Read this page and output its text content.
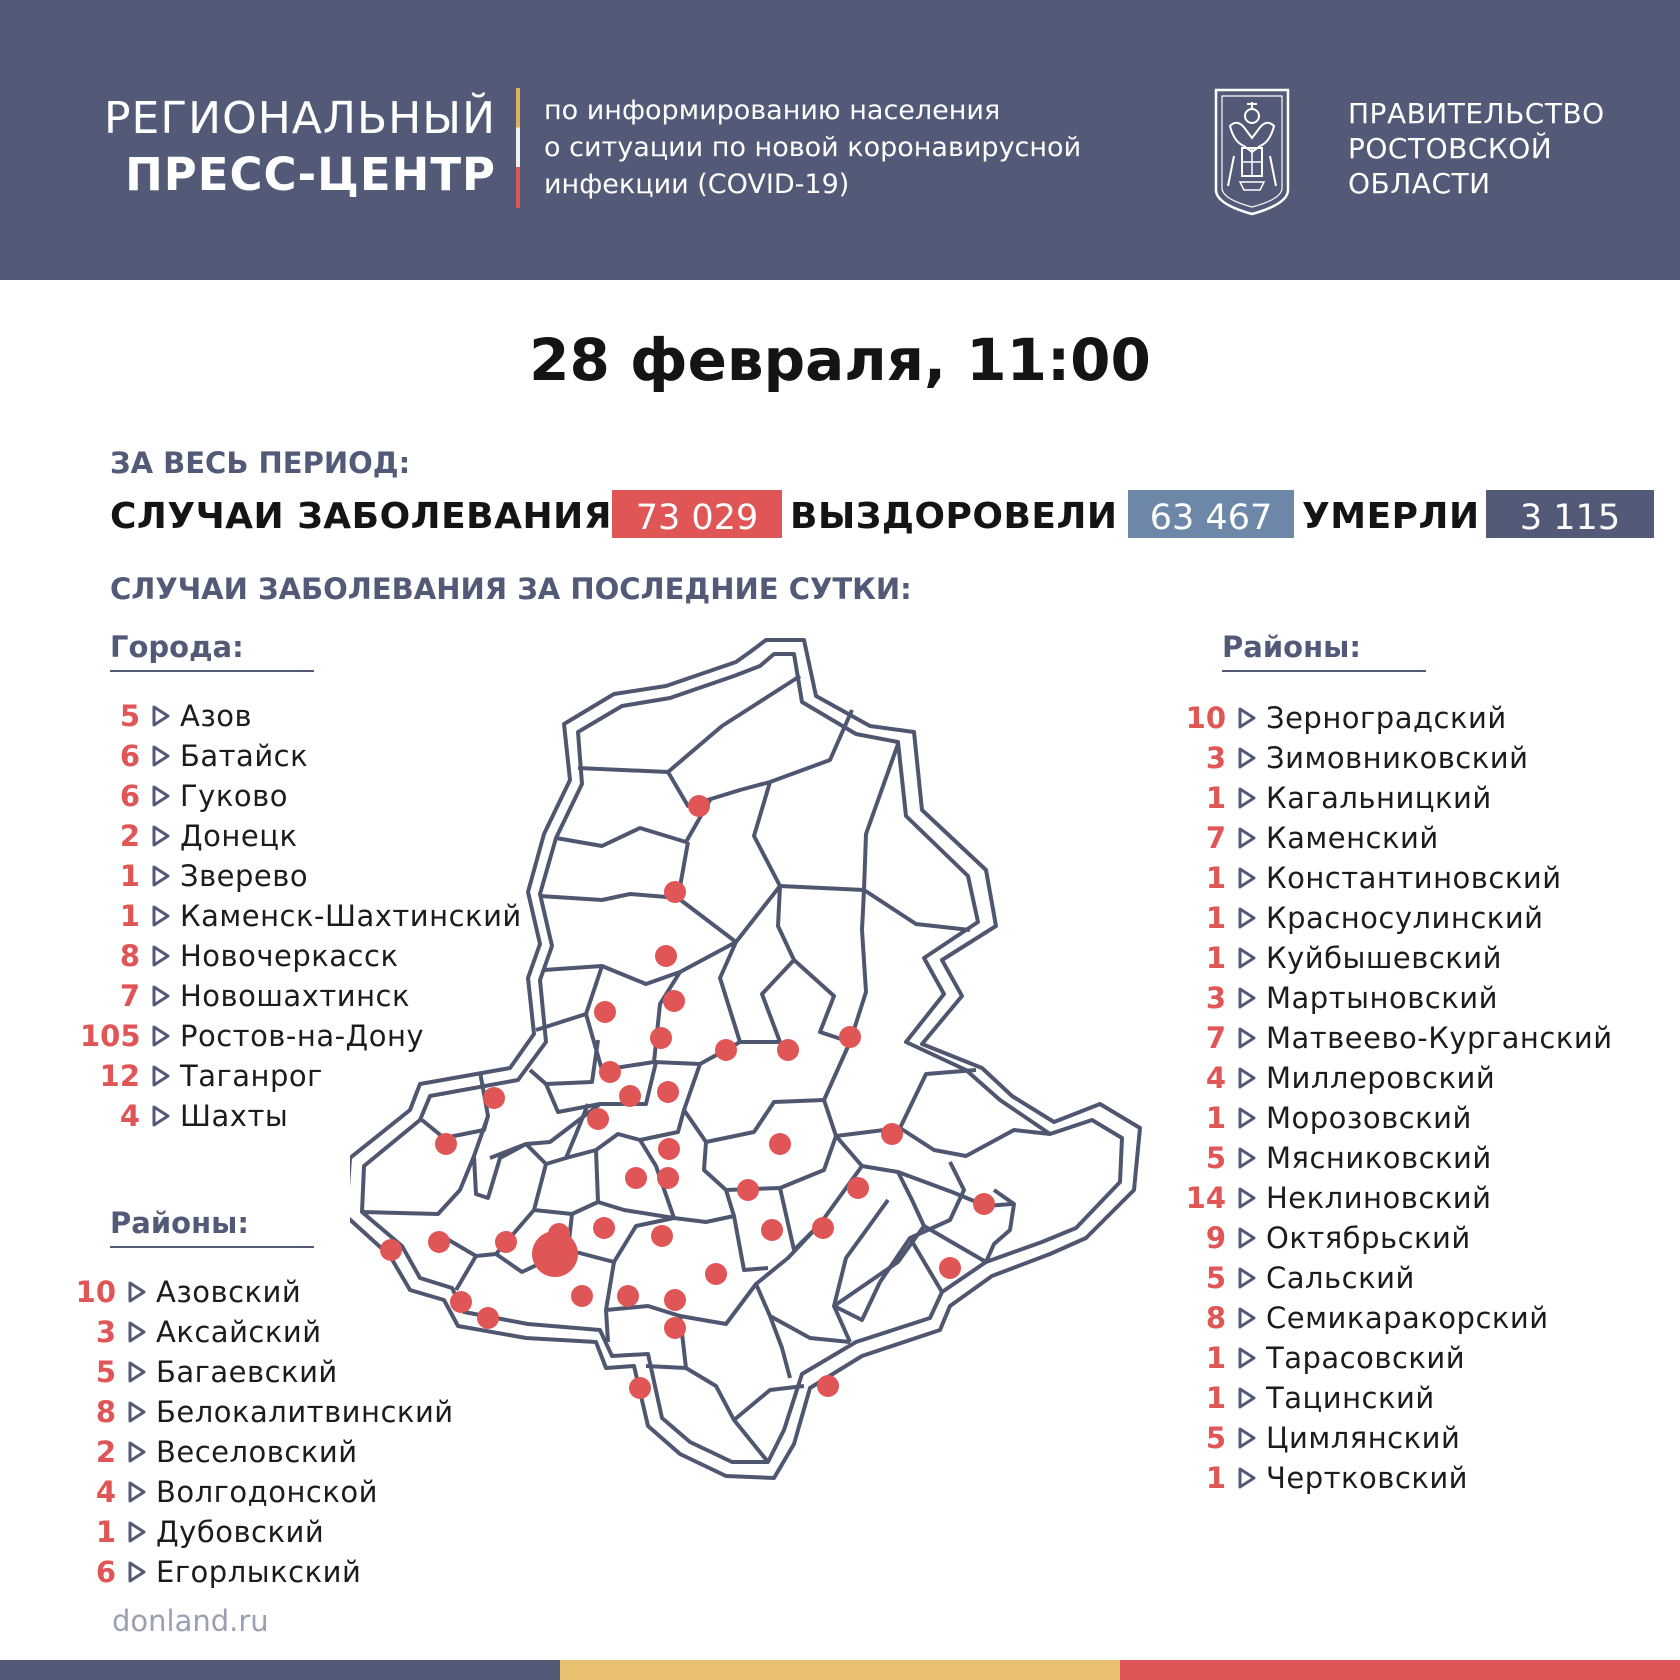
РЕГИОНАЛЬНЫЙ
ПРЕСС-ЦЕНТР
по информированию населения
о ситуации по новой коронавирусной
инфекции (COVID-19)
ПРАВИТЕЛЬСТВО
РОСТОВСКОЙ
ОБЛАСТИ
28 февраля, 11:00
ЗА ВЕСЬ ПЕРИОД:
СЛУЧАИ ЗАБОЛЕВАНИЯ 73 029 ВЫЗДОРОВЕЛИ 63 467 УМЕРЛИ	3 115
СЛУЧАИ ЗАБОЛЕВАНИЯ ЗА ПОСЛЕДНИЕ СУТКИ:
Города:
5 Азов
6 Батайск
6 Гуково
2 Донецк
1 Зверево
1 Каменск-Шахтинский
8 Новочеркасск
7 Новошахтинск
105 Ростов-на-Дону
12 Таганрог
4 Шахты
Районы:
10 Азовский
3 Аксайский
5 Багаевский
8 Белокалитвинский
2 Веселовский
4 Волгодонской
1 Дубовский
6 Егорлыкский
Районы:
10 Зерноградский
3 Зимовниковский
1 Кагальницкий
7 Каменский
1 Константиновский
1 Красносулинский
1 Куйбышевский
3 Мартыновский
7 Матвеево-Курганский
4 Миллеровский
1 Морозовский
5 Мясниковский
14 Неклиновский
9 Октябрьский
5 Сальский
8 Семикаракорский
1 Тарасовский
1 Тацинский
5 Цимлянский
1 Чертковский
donland.ru
